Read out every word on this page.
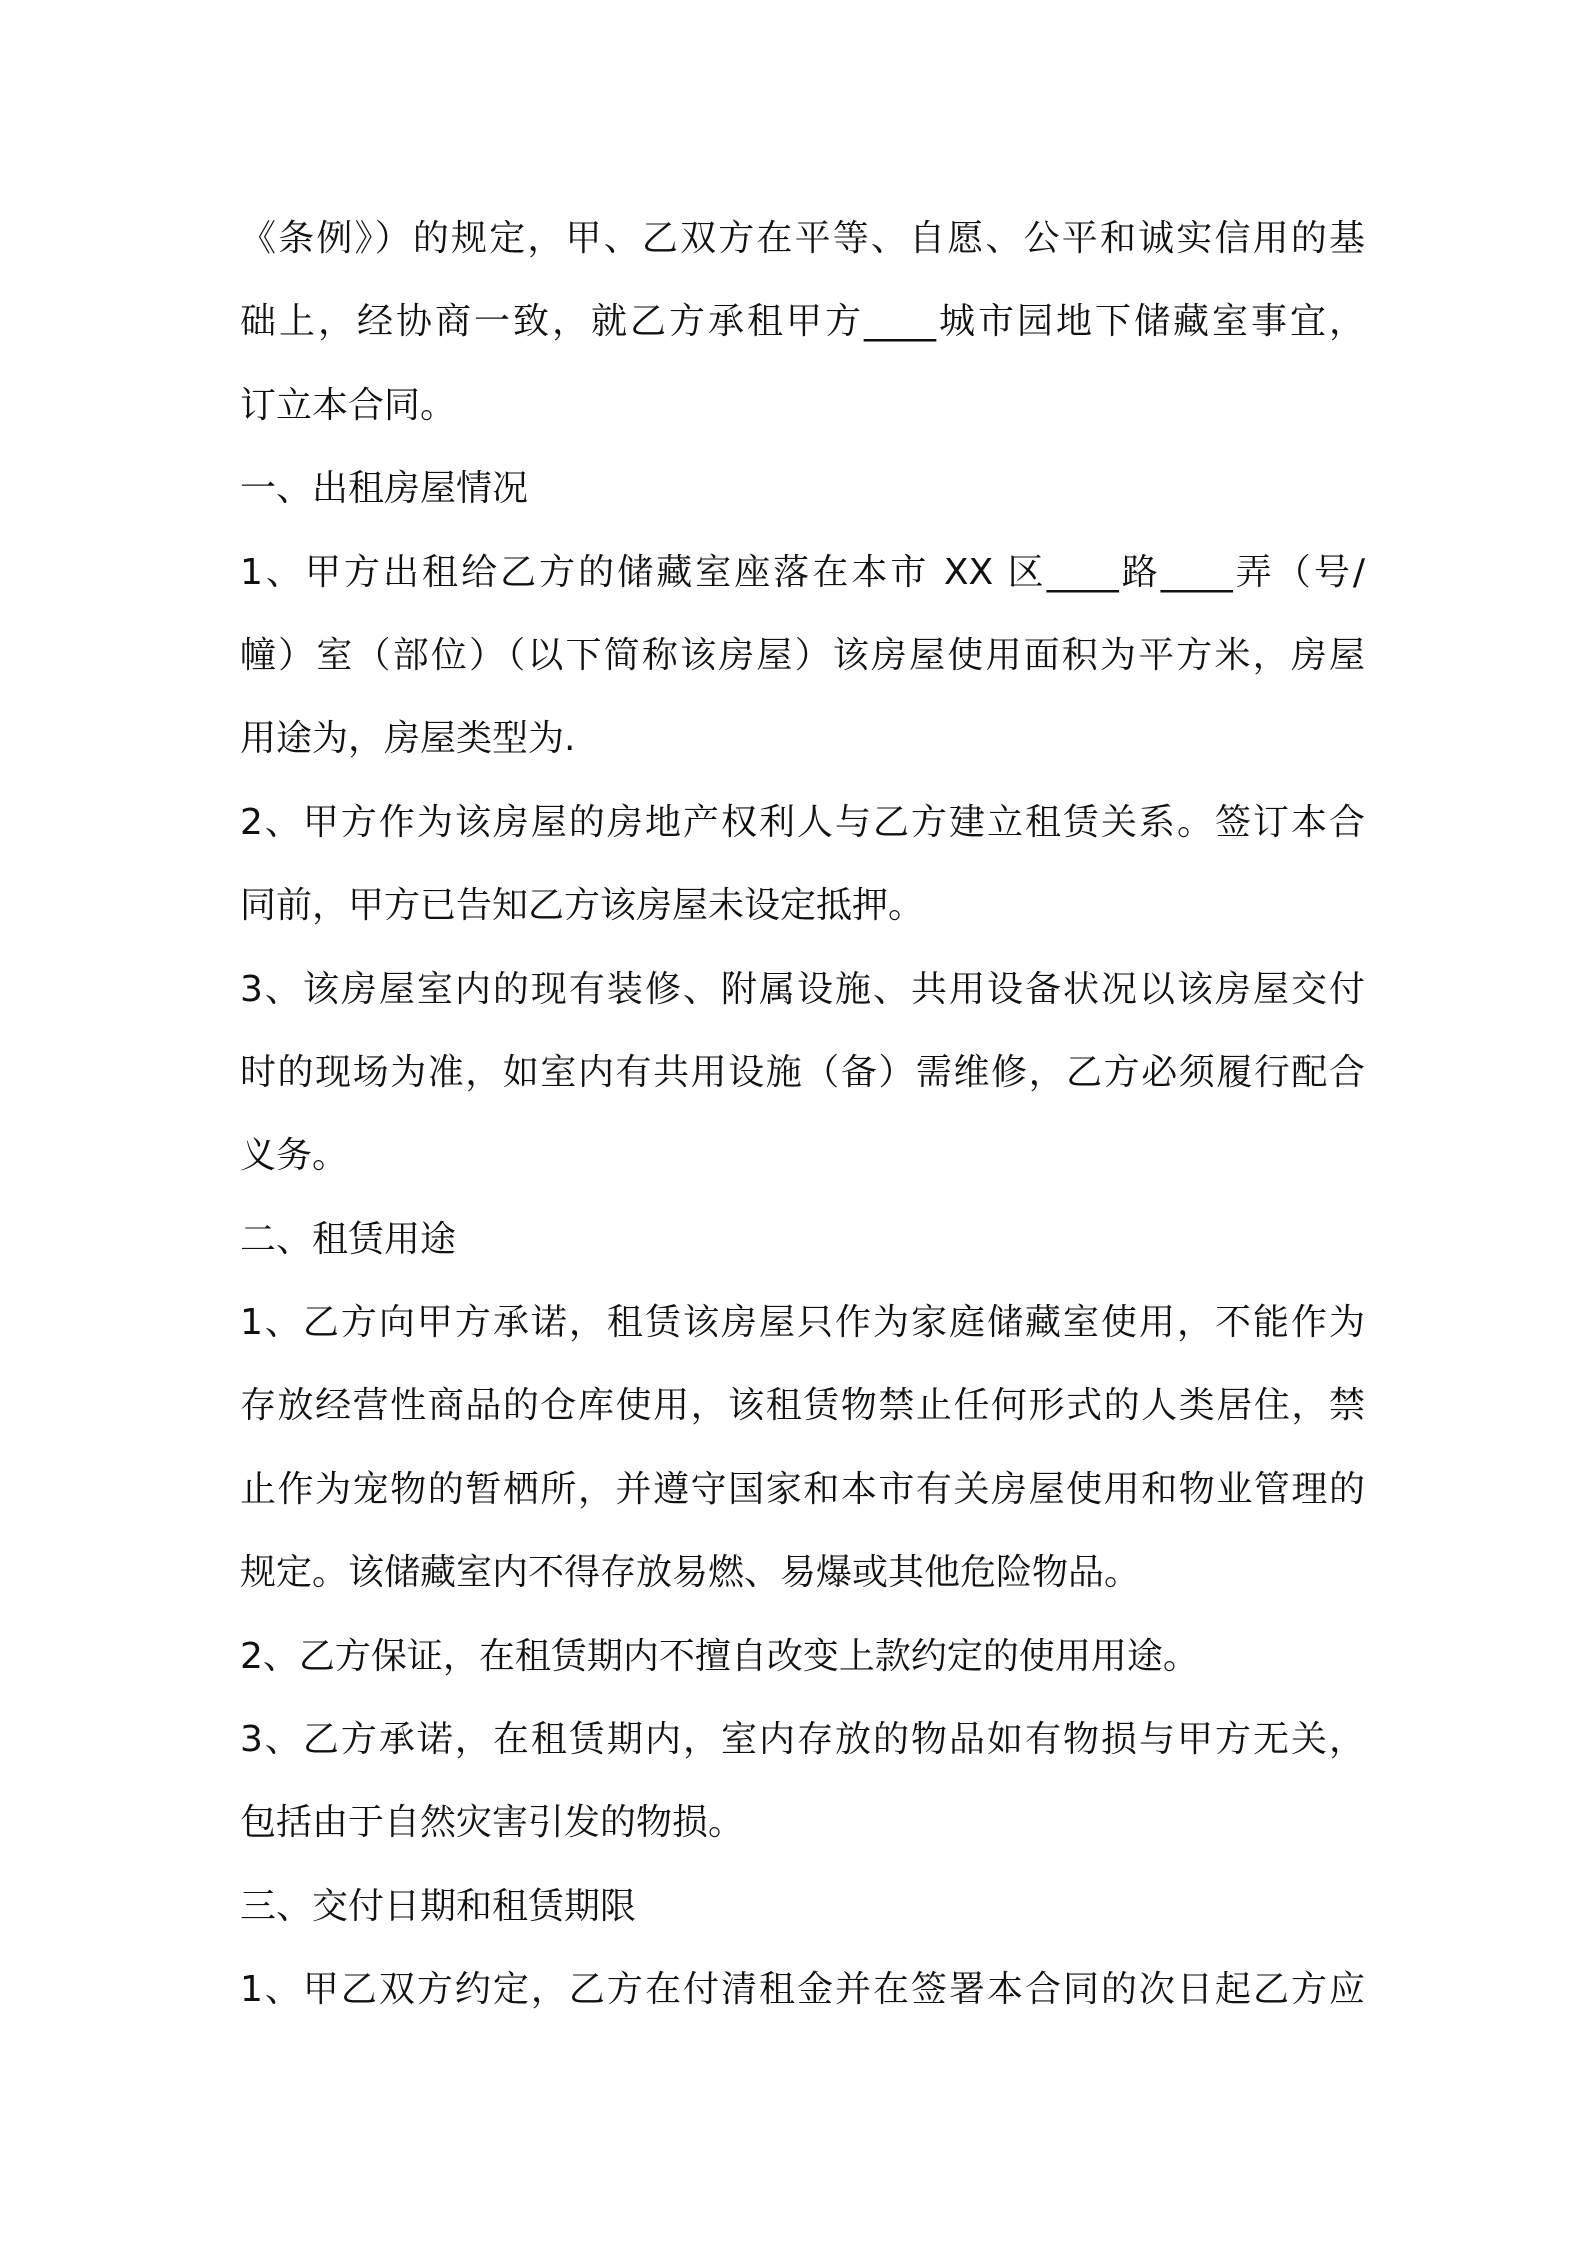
《条例》）的规定，甲、乙双方在平等、自愿、公平和诚实信用的基

础上，经协商一致，就乙方承租甲方____城市园地下储藏室事宜，

订立本合同。

一、出租房屋情况

1、甲方出租给乙方的储藏室座落在本市 XX 区____路____弄（号/

幢）室（部位）（以下简称该房屋）该房屋使用面积为平方米，房屋

用途为，房屋类型为.

2、甲方作为该房屋的房地产权利人与乙方建立租赁关系。签订本合

同前，甲方已告知乙方该房屋未设定抵押。

3、该房屋室内的现有装修、附属设施、共用设备状况以该房屋交付

时的现场为准，如室内有共用设施（备）需维修，乙方必须履行配合

义务。

二、租赁用途

1、乙方向甲方承诺，租赁该房屋只作为家庭储藏室使用，不能作为

存放经营性商品的仓库使用，该租赁物禁止任何形式的人类居住，禁

止作为宠物的暂栖所，并遵守国家和本市有关房屋使用和物业管理的

规定。该储藏室内不得存放易燃、易爆或其他危险物品。

2、乙方保证，在租赁期内不擅自改变上款约定的使用用途。

3、乙方承诺，在租赁期内，室内存放的物品如有物损与甲方无关，

包括由于自然灾害引发的物损。

三、交付日期和租赁期限

1、甲乙双方约定，乙方在付清租金并在签署本合同的次日起乙方应
